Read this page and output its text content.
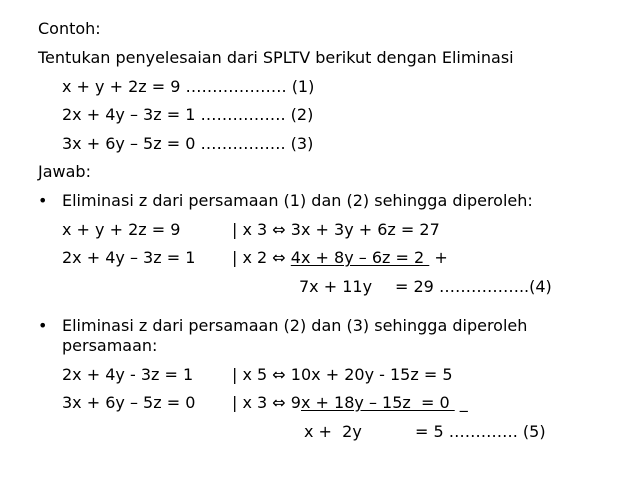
Contoh:
Tentukan penyelesaian dari SPLTV berikut dengan Eliminasi
x + y + 2z = 9 ………………. (1)
2x + 4y – 3z = 1 ……………. (2)
3x + 6y – 5z = 0 ……………. (3)
Jawab:
• Eliminasi z dari persamaan (1) dan (2) sehingga diperoleh:
x + y + 2z = 9	| x 3 ⇔ 3x + 3y + 6z = 27
2x + 4y – 3z = 1 | x 2 ⇔ 4x + 8y – 6z = 2  +
7x + 11y = 29 ……………..(4)
• Eliminasi z dari persamaan (2) dan (3) sehingga diperoleh
persamaan:
2x + 4y - 3z = 1 | x 5 ⇔ 10x + 20y - 15z = 5
3x + 6y – 5z = 0 | x 3 ⇔ 9x + 18y – 15z  = 0  _
x +  2y	= 5 …………. (5)
